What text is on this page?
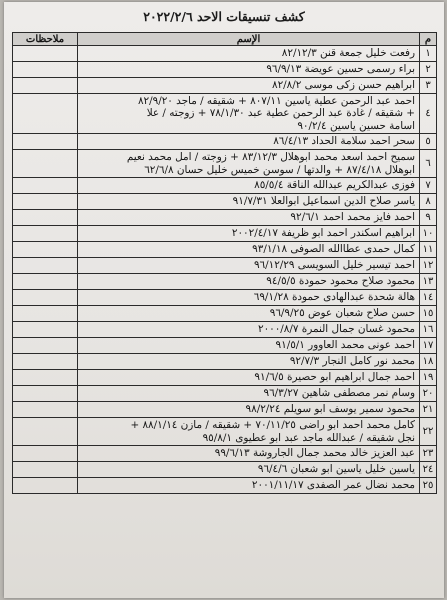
كشف تنسيقات الاحد ٢٠٢٢/٢/٦
م	الإسم	ملاحظات
١	رفعت خليل جمعة قنن ٨٢/١٢/٣	

٢	براء رسمى حسين عويضة ٩٦/٩/١٣	

٣	ابراهيم حسن زكى موسى ٨٢/٨/٢	

٤	احمد عبد الرحمن عطية ياسين ٨٠٧/١١ + شقيقه / ماجد ٨٢/٩/٢٠
+ شقيقه / غادة عبد الرحمن عطية عبد ٧٨/١/٣٠ + زوجته / علا
اسامة حسين ياسين ٩٠/٢/٤	

٥	سحر احمد سلامة الحداد ٨٦/٤/١٣	

٦	سميح احمد اسعد محمد ابوهلال ٨٣/١٢/٣ + زوجته / امل محمد نعيم
ابوهلال ٨٧/٤/١٨ + والدتها / سوسن خميس خليل حسان ٦٢/٦/٨	

٧	فوزى عبدالكريم عبدالله الناقة ٨٥/٥/٤	

٨	ياسر صلاح الدين اسماعيل ابوالعلا ٩١/٧/٣١	

٩	احمد فايز محمد احمد ٩٢/٦/١	

١٠	ابراهيم اسكندر احمد ابو ظريفة ٢٠٠٢/٤/١٧	

١١	كمال حمدى عطاالله الصوفى ٩٣/١/١٨	

١٢	احمد تيسير خليل السويسى ٩٦/١٢/٢٩	

١٣	محمود صلاح محمود حمودة ٩٤/٥/٥	

١٤	هالة شحدة عبدالهادى حمودة ٦٩/١/٢٨	

١٥	حسن صلاح شعبان عوض ٩٦/٩/٢٥	

١٦	محمود غسان جمال النمرة ٢٠٠٠/٨/٧	

١٧	احمد عونى محمد العاوور ٩١/٥/١	

١٨	محمد نور كامل النجار ٩٢/٧/٣	

١٩	احمد جمال ابراهيم ابو حصيرة ٩١/٦/٥	

٢٠	وسام نمر مصطفى شاهين ٩٦/٣/٢٧	

٢١	محمود سمير يوسف ابو سويلم ٩٨/٢/٢٤	

٢٢	كامل محمد احمد ابو راضى ٧٠/١١/٢٥ + شقيقه / مازن ٨٨/١/١٤ +
نجل شقيقه / عبدالله ماجد عبد ابو عطيوى ٩٥/٨/١	

٢٣	عبد العزيز خالد محمد جمال الجاروشة ٩٩/٦/١٣	

٢٤	ياسين خليل ياسين ابو شعبان ٩٦/٤/٦	

٢٥	محمد نضال عمر الصفدى ٢٠٠١/١١/١٧	
